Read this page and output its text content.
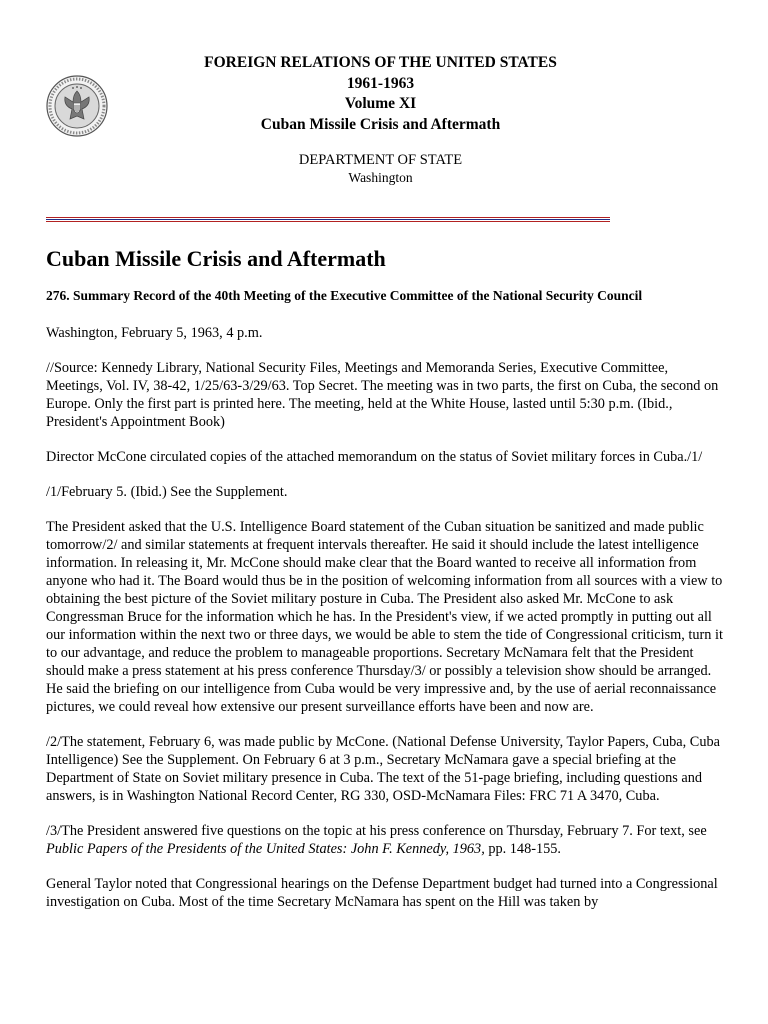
FOREIGN RELATIONS OF THE UNITED STATES

1961-1963

Volume XI

Cuban Missile Crisis and Aftermath

DEPARTMENT OF STATE

Washington

Cuban Missile Crisis and Aftermath

276. Summary Record of the 40th Meeting of the Executive Committee of the National Security Council

Washington, February 5, 1963, 4 p.m.

//Source: Kennedy Library, National Security Files, Meetings and Memoranda Series, Executive Committee, Meetings, Vol. IV, 38-42, 1/25/63-3/29/63. Top Secret. The meeting was in two parts, the first on Cuba, the second on Europe. Only the first part is printed here. The meeting, held at the White House, lasted until 5:30 p.m. (Ibid., President's Appointment Book)

Director McCone circulated copies of the attached memorandum on the status of Soviet military forces in Cuba./1/

/1/February 5. (Ibid.) See the Supplement.

The President asked that the U.S. Intelligence Board statement of the Cuban situation be sanitized and made public tomorrow/2/ and similar statements at frequent intervals thereafter. He said it should include the latest intelligence information. In releasing it, Mr. McCone should make clear that the Board wanted to receive all information from anyone who had it. The Board would thus be in the position of welcoming information from all sources with a view to obtaining the best picture of the Soviet military posture in Cuba. The President also asked Mr. McCone to ask Congressman Bruce for the information which he has. In the President's view, if we acted promptly in putting out all our information within the next two or three days, we would be able to stem the tide of Congressional criticism, turn it to our advantage, and reduce the problem to manageable proportions. Secretary McNamara felt that the President should make a press statement at his press conference Thursday/3/ or possibly a television show should be arranged. He said the briefing on our intelligence from Cuba would be very impressive and, by the use of aerial reconnaissance pictures, we could reveal how extensive our present surveillance efforts have been and now are.

/2/The statement, February 6, was made public by McCone. (National Defense University, Taylor Papers, Cuba, Cuba Intelligence) See the Supplement. On February 6 at 3 p.m., Secretary McNamara gave a special briefing at the Department of State on Soviet military presence in Cuba. The text of the 51-page briefing, including questions and answers, is in Washington National Record Center, RG 330, OSD-McNamara Files: FRC 71 A 3470, Cuba.

/3/The President answered five questions on the topic at his press conference on Thursday, February 7. For text, see Public Papers of the Presidents of the United States: John F. Kennedy, 1963, pp. 148-155.

General Taylor noted that Congressional hearings on the Defense Department budget had turned into a Congressional investigation on Cuba. Most of the time Secretary McNamara has spent on the Hill was taken by
